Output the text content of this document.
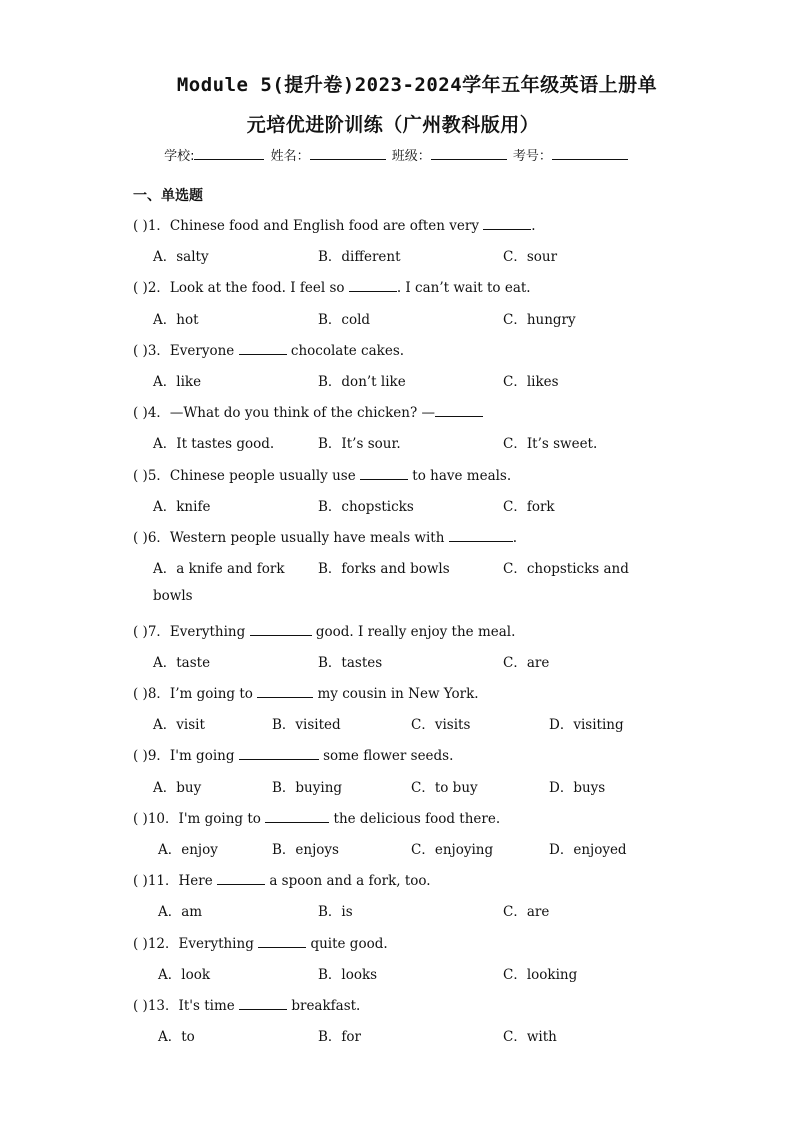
Module 5(提升卷)2023-2024学年五年级英语上册单
元培优进阶训练（广州教科版用）
学校:	姓名：	班级：	考号：
一、单选题
( )1．Chinese food and English food are often very	.
A．salty	B．different	C．sour
( )2．Look at the food. I feel so	. I can’t wait to eat.
A．hot	B．cold	C．hungry
( )3．Everyone	chocolate cakes.
A．like	B．don’t like	C．likes
( )4．—What do you think of the chicken? —
A．It tastes good.	B．It’s sour.	C．It’s sweet.
( )5．Chinese people usually use	to have meals.
A．knife	B．chopsticks	C．fork
( )6．Western people usually have meals with	.
A．a knife and fork B．forks and bowls	C．chopsticks and
bowls
( )7．Everything	good. I really enjoy the meal.
A．taste	B．tastes	C．are
( )8．I’m going to	my cousin in New York.
A．visit	B．visited	C．visits	D．visiting
( )9．I'm going	some flower seeds.
A．buy	B．buying	C．to buy	D．buys
( )10．I'm going to	the delicious food there.
A．enjoy	B．enjoys	C．enjoying	D．enjoyed
( )11．Here	a spoon and a fork, too.
A．am	B．is	C．are
( )12．Everything	quite good.
A．look	B．looks	C．looking
( )13．It's time	breakfast.
A．to	B．for	C．with
